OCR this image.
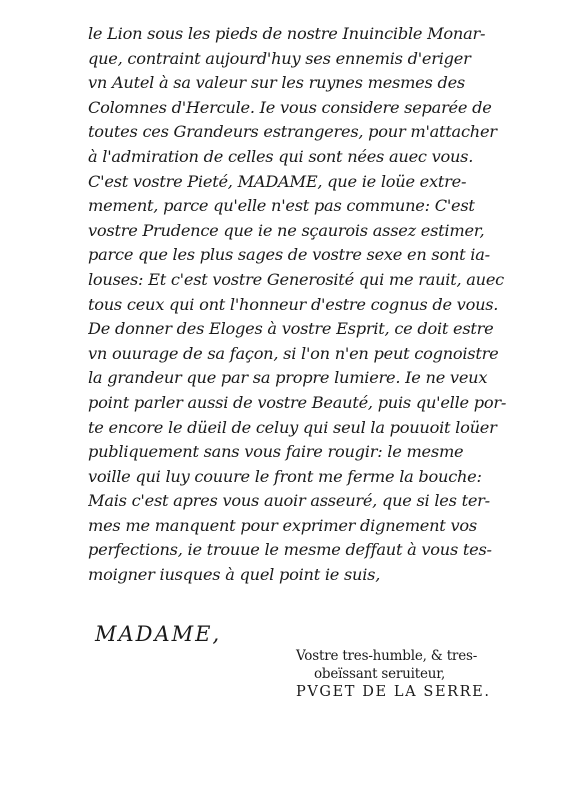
le Lion sous les pieds de nostre Inuincible Monar-
que, contraint aujourd'huy ses ennemis d'eriger
vn Autel à sa valeur sur les ruynes mesmes des
Colomnes d'Hercule. Ie vous considere separée de
toutes ces Grandeurs estrangeres, pour m'attacher
à l'admiration de celles qui sont nées auec vous.
C'est vostre Pieté, MADAME, que ie loüe extre-
mement, parce qu'elle n'est pas commune: C'est
vostre Prudence que ie ne sçaurois assez estimer,
parce que les plus sages de vostre sexe en sont ia-
louses: Et c'est vostre Generosité qui me rauit, auec
tous ceux qui ont l'honneur d'estre cognus de vous.
De donner des Eloges à vostre Esprit, ce doit estre
vn ouurage de sa façon, si l'on n'en peut cognoistre
la grandeur que par sa propre lumiere. Ie ne veux
point parler aussi de vostre Beauté, puis qu'elle por-
te encore le düeil de celuy qui seul la pouuoit loüer
publiquement sans vous faire rougir: le mesme
voille qui luy couure le front me ferme la bouche:
Mais c'est apres vous auoir asseuré, que si les ter-
mes me manquent pour exprimer dignement vos
perfections, ie trouue le mesme deffaut à vous tes-
moigner iusques à quel point ie suis,

MADAME,

Vostre tres-humble, & tres-

obeïssant seruiteur,

PVGET DE LA SERRE.
